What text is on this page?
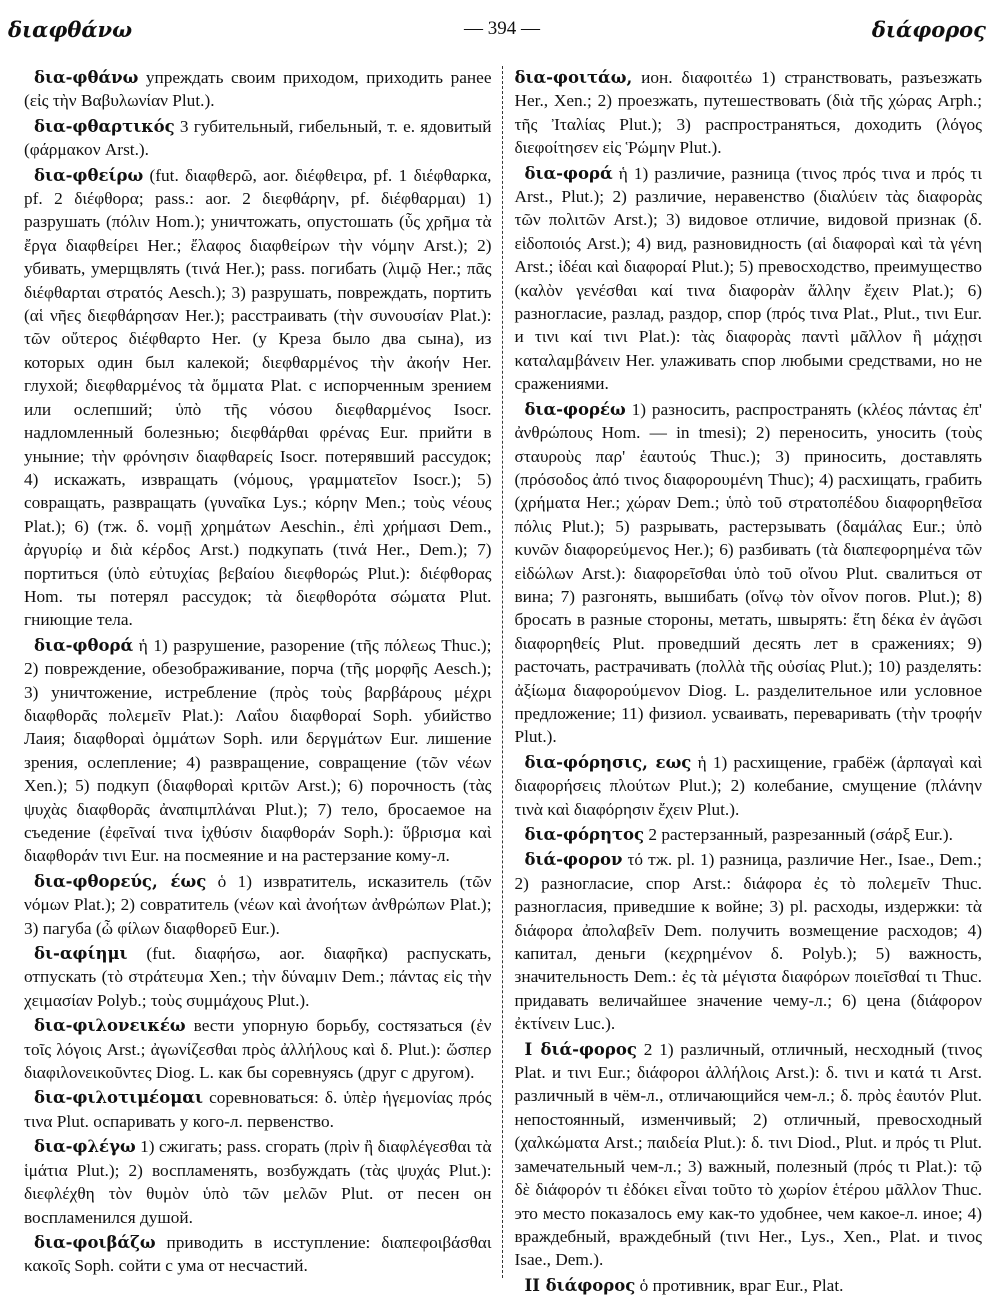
διαφθάνω	— 394 —	διάφορος

δια-φθάνω упреждать своим приходом, приходить ранее (εἰς τὴν Βαβυλωνίαν Plut.).

δια-φθαρτικός 3 губительный, гибельный, т. е. ядовитый (φάρμακον Arst.).

δια-φθείρω (fut. διαφθερῶ, aor. διέφθειρα, pf. 1 διέφθαρκα, pf. 2 διέφθορα; pass.: aor. 2 διεφθάρην, pf. διέφθαρμαι) 1) разрушать (πόλιν Hom.); уничтожать, опустошать (ὗς χρῆμα τὰ ἔργα διαφθείρει Her.; ἔλαφος διαφθείρων τὴν νόμην Arst.); 2) убивать, умерщвлять (τινά Her.); pass. погибать (λιμῷ Her.; πᾶς διέφθαρται στρατός Aesch.); 3) разрушать, повреждать, портить (αἱ νῆες διεφθάρησαν Her.); расстраивать (τὴν συνουσίαν Plat.): τῶν οὔτερος διέφθαρτο Her. (у Креза было два сына), из которых один был калекой; διεφθαρμένος τὴν ἀκοήν Her. глухой; διεφθαρμένος τὰ ὄμματα Plat. с испорченным зрением или ослепший; ὑπὸ τῆς νόσου διεφθαρμένος Isocr. надломленный болезнью; διεφθάρθαι φρένας Eur. прийти в уныние; τὴν φρόνησιν διαφθαρείς Isocr. потерявший рассудок; 4) искажать, извращать (νόμους, γραμματεῖον Isocr.); 5) совращать, развращать (γυναῖκα Lys.; κόρην Men.; τοὺς νέους Plat.); 6) (тж. δ. νομῇ χρημάτων Aeschin., ἐπὶ χρήμασι Dem., ἀργυρίῳ и διὰ κέρδος Arst.) подкупать (τινά Her., Dem.); 7) портиться (ὑπὸ εὐτυχίας βεβαίου διεφθορώς Plut.): διέφθορας Hom. ты потерял рассудок; τὰ διεφθορότα σώματα Plut. гниющие тела.

δια-φθορά ἡ 1) разрушение, разорение (τῆς πόλεως Thuc.); 2) повреждение, обезображивание, порча (τῆς μορφῆς Aesch.); 3) уничтожение, истребление (πρὸς τοὺς βαρβάρους μέχρι διαφθορᾶς πολεμεῖν Plat.): Λαΐου διαφθοραί Soph. убийство Лаия; διαφθοραὶ ὀμμάτων Soph. или δεργμάτων Eur. лишение зрения, ослепление; 4) развращение, совращение (τῶν νέων Xen.); 5) подкуп (διαφθοραὶ κριτῶν Arst.); 6) порочность (τὰς ψυχὰς διαφθορᾶς ἀναπιμπλάναι Plut.); 7) тело, бросаемое на съедение (ἐφεῖναί τινα ἰχθύσιν διαφθοράν Soph.): ὕβρισμα καὶ διαφθοράν τινι Eur. на посмеяние и на растерзание кому-л.

δια-φθορεύς, έως ὁ 1) извратитель, исказитель (τῶν νόμων Plat.); 2) совратитель (νέων καὶ ἀνοήτων ἀνθρώπων Plat.); 3) пагуба (ὦ φίλων διαφθορεῦ Eur.).

δι-αφίημι (fut. διαφήσω, aor. διαφῆκα) распускать, отпускать (τὸ στράτευμα Xen.; τὴν δύναμιν Dem.; πάντας εἰς τὴν χειμασίαν Polyb.; τοὺς συμμάχους Plut.).

δια-φιλονεικέω вести упорную борьбу, состязаться (ἐν τοῖς λόγοις Arst.; ἀγωνίζεσθαι πρὸς ἀλλήλους καὶ δ. Plut.): ὥσπερ διαφιλονεικοῦντες Diog. L. как бы соревнуясь (друг с другом).

δια-φιλοτιμέομαι соревноваться: δ. ὑπὲρ ἡγεμονίας πρός τινα Plut. оспаривать у кого-л. первенство.

δια-φλέγω 1) сжигать; pass. сгорать (πρὶν ἢ διαφλέγεσθαι τὰ ἱμάτια Plut.); 2) воспламенять, возбуждать (τὰς ψυχάς Plut.): διεφλέχθη τὸν θυμὸν ὑπὸ τῶν μελῶν Plut. от песен он воспламенился душой.

δια-φοιβάζω приводить в исступление: διαπεφοιβάσθαι κακοῖς Soph. сойти с ума от несчастий.

δια-φοιτάω, ион. διαφοιτέω 1) странствовать, разъезжать Her., Xen.; 2) проезжать, путешествовать (διὰ τῆς χώρας Arph.; τῆς Ἰταλίας Plut.); 3) распространяться, доходить (λόγος διεφοίτησεν εἰς Ῥώμην Plut.).

δια-φορά ἡ 1) различие, разница (τινος πρός τινα и πρός τι Arst., Plut.); 2) различие, неравенство (διαλύειν τὰς διαφορὰς τῶν πολιτῶν Arst.); 3) видовое отличие, видовой признак (δ. εἰδοποιός Arst.); 4) вид, разновидность (αἱ διαφοραὶ καὶ τὰ γένη Arst.; ἰδέαι καὶ διαφοραί Plut.); 5) превосходство, преимущество (καλὸν γενέσθαι καί τινα διαφορὰν ἄλλην ἔχειν Plat.); 6) разногласие, разлад, раздор, спор (πρός τινα Plat., Plut., τινι Eur. и τινι καί τινι Plat.): τὰς διαφορὰς παντὶ μᾶλλον ἢ μάχῃσι καταλαμβάνειν Her. улаживать спор любыми средствами, но не сражениями.

δια-φορέω 1) разносить, распространять (κλέος πάντας ἐπ' ἀνθρώπους Hom. — in tmesi); 2) переносить, уносить (τοὺς σταυροὺς παρ' ἑαυτούς Thuc.); 3) приносить, доставлять (πρόσοδος ἀπό τινος διαφορουμένη Thuc); 4) расхищать, грабить (χρήματα Her.; χώραν Dem.; ὑπὸ τοῦ στρατοπέδου διαφορηθεῖσα πόλις Plut.); 5) разрывать, растерзывать (δαμάλας Eur.; ὑπὸ κυνῶν διαφορεύμενος Her.); 6) разбивать (τὰ διαπεφορημένα τῶν εἰδώλων Arst.): διαφορεῖσθαι ὑπὸ τοῦ οἴνου Plut. свалиться от вина; 7) разгонять, вышибать (οἴνῳ τὸν οἶνον погов. Plut.); 8) бросать в разные стороны, метать, швырять: ἔτη δέκα ἐν ἀγῶσι διαφορηθείς Plut. проведший десять лет в сражениях; 9) расточать, растрачивать (πολλὰ τῆς οὐσίας Plut.); 10) разделять: ἀξίωμα διαφορούμενον Diog. L. разделительное или условное предложение; 11) физиол. усваивать, переваривать (τὴν τροφήν Plut.).

δια-φόρησις, εως ἡ 1) расхищение, грабёж (ἁρπαγαὶ καὶ διαφορήσεις πλούτων Plut.); 2) колебание, смущение (πλάνην τινὰ καὶ διαφόρησιν ἔχειν Plut.).

δια-φόρητος 2 растерзанный, разрезанный (σάρξ Eur.).

διά-φορον τό тж. pl. 1) разница, различие Her., Isae., Dem.; 2) разногласие, спор Arst.: διάφορα ἐς τὸ πολεμεῖν Thuc. разногласия, приведшие к войне; 3) pl. расходы, издержки: τὰ διάφορα ἀπολαβεῖν Dem. получить возмещение расходов; 4) капитал, деньги (κεχρημένον δ. Polyb.); 5) важность, значительность Dem.: ἐς τὰ μέγιστα διαφόρων ποιεῖσθαί τι Thuc. придавать величайшее значение чему-л.; 6) цена (διάφορον ἐκτίνειν Luc.).

I διά-φορος 2 1) различный, отличный, несходный (τινος Plat. и τινι Eur.; διάφοροι ἀλλήλοις Arst.): δ. τινι и κατά τι Arst. различный в чём-л., отличающийся чем-л.; δ. πρὸς ἑαυτόν Plut. непостоянный, изменчивый; 2) отличный, превосходный (χαλκώματα Arst.; παιδεία Plut.): δ. τινι Diod., Plut. и πρός τι Plut. замечательный чем-л.; 3) важный, полезный (πρός τι Plat.): τῷ δὲ διάφορόν τι ἐδόκει εἶναι τοῦτο τὸ χωρίον ἑτέρου μᾶλλον Thuc. это место показалось ему как-то удобнее, чем какое-л. иное; 4) враждебный, враждебный (τινι Her., Lys., Xen., Plat. и τινος Isae., Dem.).

II διάφορος ὁ противник, враг Eur., Plat.
